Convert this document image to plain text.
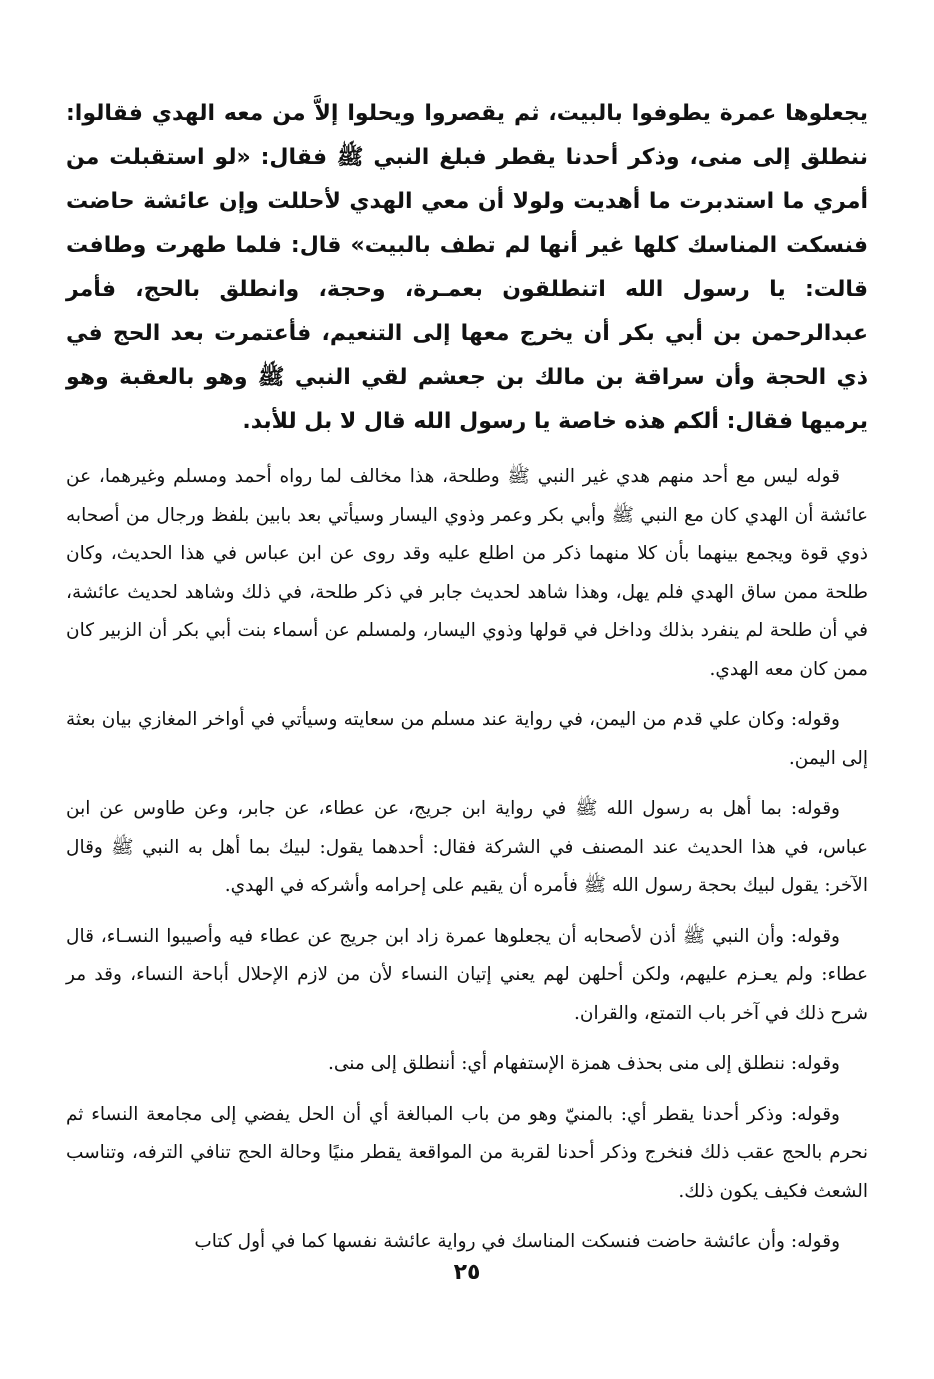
يجعلوها عمرة يطوفوا بالبيت، ثم يقصروا ويحلوا إلاَّ من معه الهدي فقالوا: ننطلق إلى منى، وذكر أحدنا يقطر فبلغ النبي ﷺ فقال: «لو استقبلت من أمري ما استدبرت ما أهديت ولولا أن معي الهدي لأحللت وإن عائشة حاضت فنسكت المناسك كلها غير أنها لم تطف بالبيت» قال: فلما طهرت وطافت قالت: يا رسول الله اتنطلقون بعمـرة، وحجة، وانطلق بالحج، فأمر عبدالرحمن بن أبي بكر أن يخرج معها إلى التنعيم، فأعتمرت بعد الحج في ذي الحجة وأن سراقة بن مالك بن جعشم لقي النبي ﷺ وهو بالعقبة وهو يرميها فقال: ألكم هذه خاصة يا رسول الله قال لا بل للأبد.

قوله ليس مع أحد منهم هدي غير النبي ﷺ وطلحة، هذا مخالف لما رواه أحمد ومسلم وغيرهما، عن عائشة أن الهدي كان مع النبي ﷺ وأبي بكر وعمر وذوي اليسار وسيأتي بعد بابين بلفظ ورجال من أصحابه ذوي قوة ويجمع بينهما بأن كلا منهما ذكر من اطلع عليه وقد روى عن ابن عباس في هذا الحديث، وكان طلحة ممن ساق الهدي فلم يهل، وهذا شاهد لحديث جابر في ذكر طلحة، في ذلك وشاهد لحديث عائشة، في أن طلحة لم ينفرد بذلك وداخل في قولها وذوي اليسار، ولمسلم عن أسماء بنت أبي بكر أن الزبير كان ممن كان معه الهدي.

وقوله: وكان علي قدم من اليمن، في رواية عند مسلم من سعايته وسيأتي في أواخر المغازي بيان بعثة إلى اليمن.

وقوله: بما أهل به رسول الله ﷺ في رواية ابن جريج، عن عطاء، عن جابر، وعن طاوس عن ابن عباس، في هذا الحديث عند المصنف في الشركة فقال: أحدهما يقول: لبيك بما أهل به النبي ﷺ وقال الآخر: يقول لبيك بحجة رسول الله ﷺ فأمره أن يقيم على إحرامه وأشركه في الهدي.

وقوله: وأن النبي ﷺ أذن لأصحابه أن يجعلوها عمرة زاد ابن جريج عن عطاء فيه وأصيبوا النسـاء، قال عطاء: ولم يعـزم عليهم، ولكن أحلهن لهم يعني إتيان النساء لأن من لازم الإحلال أباحة النساء، وقد مر شرح ذلك في آخر باب التمتع، والقران.

وقوله: ننطلق إلى منى بحذف همزة الإستفهام أي: أننطلق إلى منى.

وقوله: وذكر أحدنا يقطر أي: بالمنيّ وهو من باب المبالغة أي أن الحل يفضي إلى مجامعة النساء ثم نحرم بالحج عقب ذلك فنخرج وذكر أحدنا لقربة من المواقعة يقطر منيًا وحالة الحج تنافي الترفه، وتناسب الشعث فكيف يكون ذلك.

وقوله: وأن عائشة حاضت فنسكت المناسك في رواية عائشة نفسها كما في أول كتاب

٢٥
